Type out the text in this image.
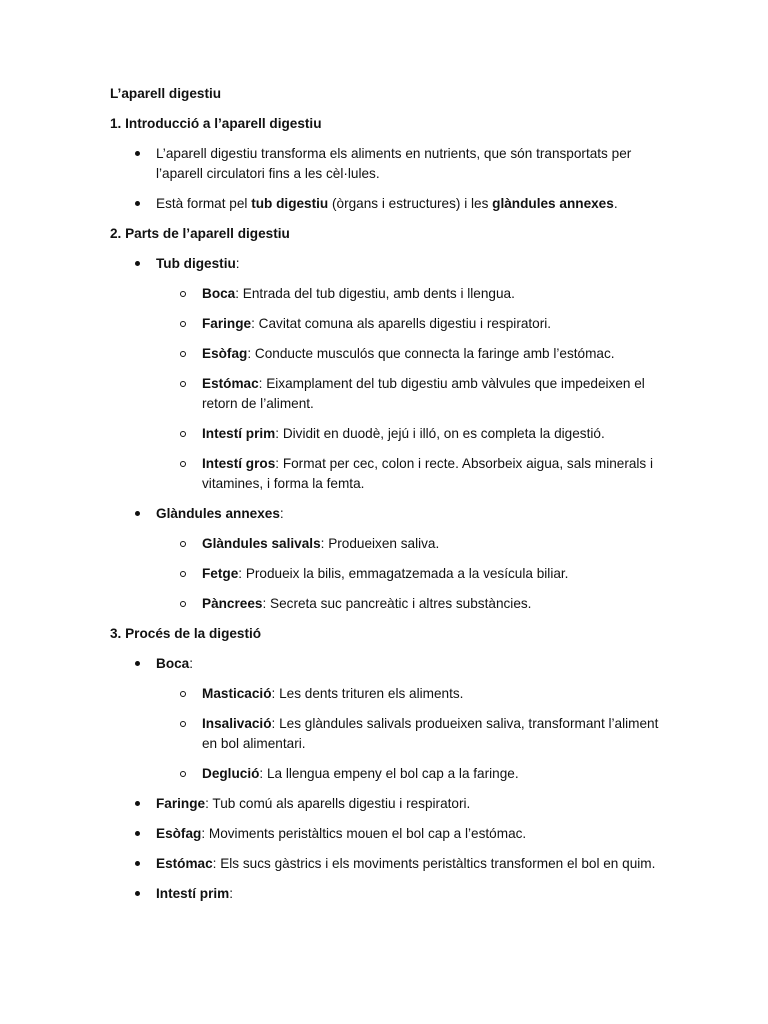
L’aparell digestiu

1. Introducció a l’aparell digestiu

L’aparell digestiu transforma els aliments en nutrients, que són transportats per l’aparell circulatori fins a les cèl·lules.
Està format pel tub digestiu (òrgans i estructures) i les glàndules annexes.

2. Parts de l’aparell digestiu

Tub digestiu:
Boca: Entrada del tub digestiu, amb dents i llengua.
Faringe: Cavitat comuna als aparells digestiu i respiratori.
Esòfag: Conducte musculós que connecta la faringe amb l’estómac.
Estómac: Eixamplament del tub digestiu amb vàlvules que impedeixen el retorn de l’aliment.
Intestí prim: Dividit en duodè, jejú i illó, on es completa la digestió.
Intestí gros: Format per cec, colon i recte. Absorbeix aigua, sals minerals i vitamines, i forma la femta.
Glàndules annexes:
Glàndules salivals: Produeixen saliva.
Fetge: Produeix la bilis, emmagatzemada a la vesícula biliar.
Pàncrees: Secreta suc pancreàtic i altres substàncies.

3. Procés de la digestió

Boca:
Masticació: Les dents trituren els aliments.
Insalivació: Les glàndules salivals produeixen saliva, transformant l’aliment en bol alimentari.
Deglució: La llengua empeny el bol cap a la faringe.
Faringe: Tub comú als aparells digestiu i respiratori.
Esòfag: Moviments peristàltics mouen el bol cap a l’estómac.
Estómac: Els sucs gàstrics i els moviments peristàltics transformen el bol en quim.
Intestí prim:
